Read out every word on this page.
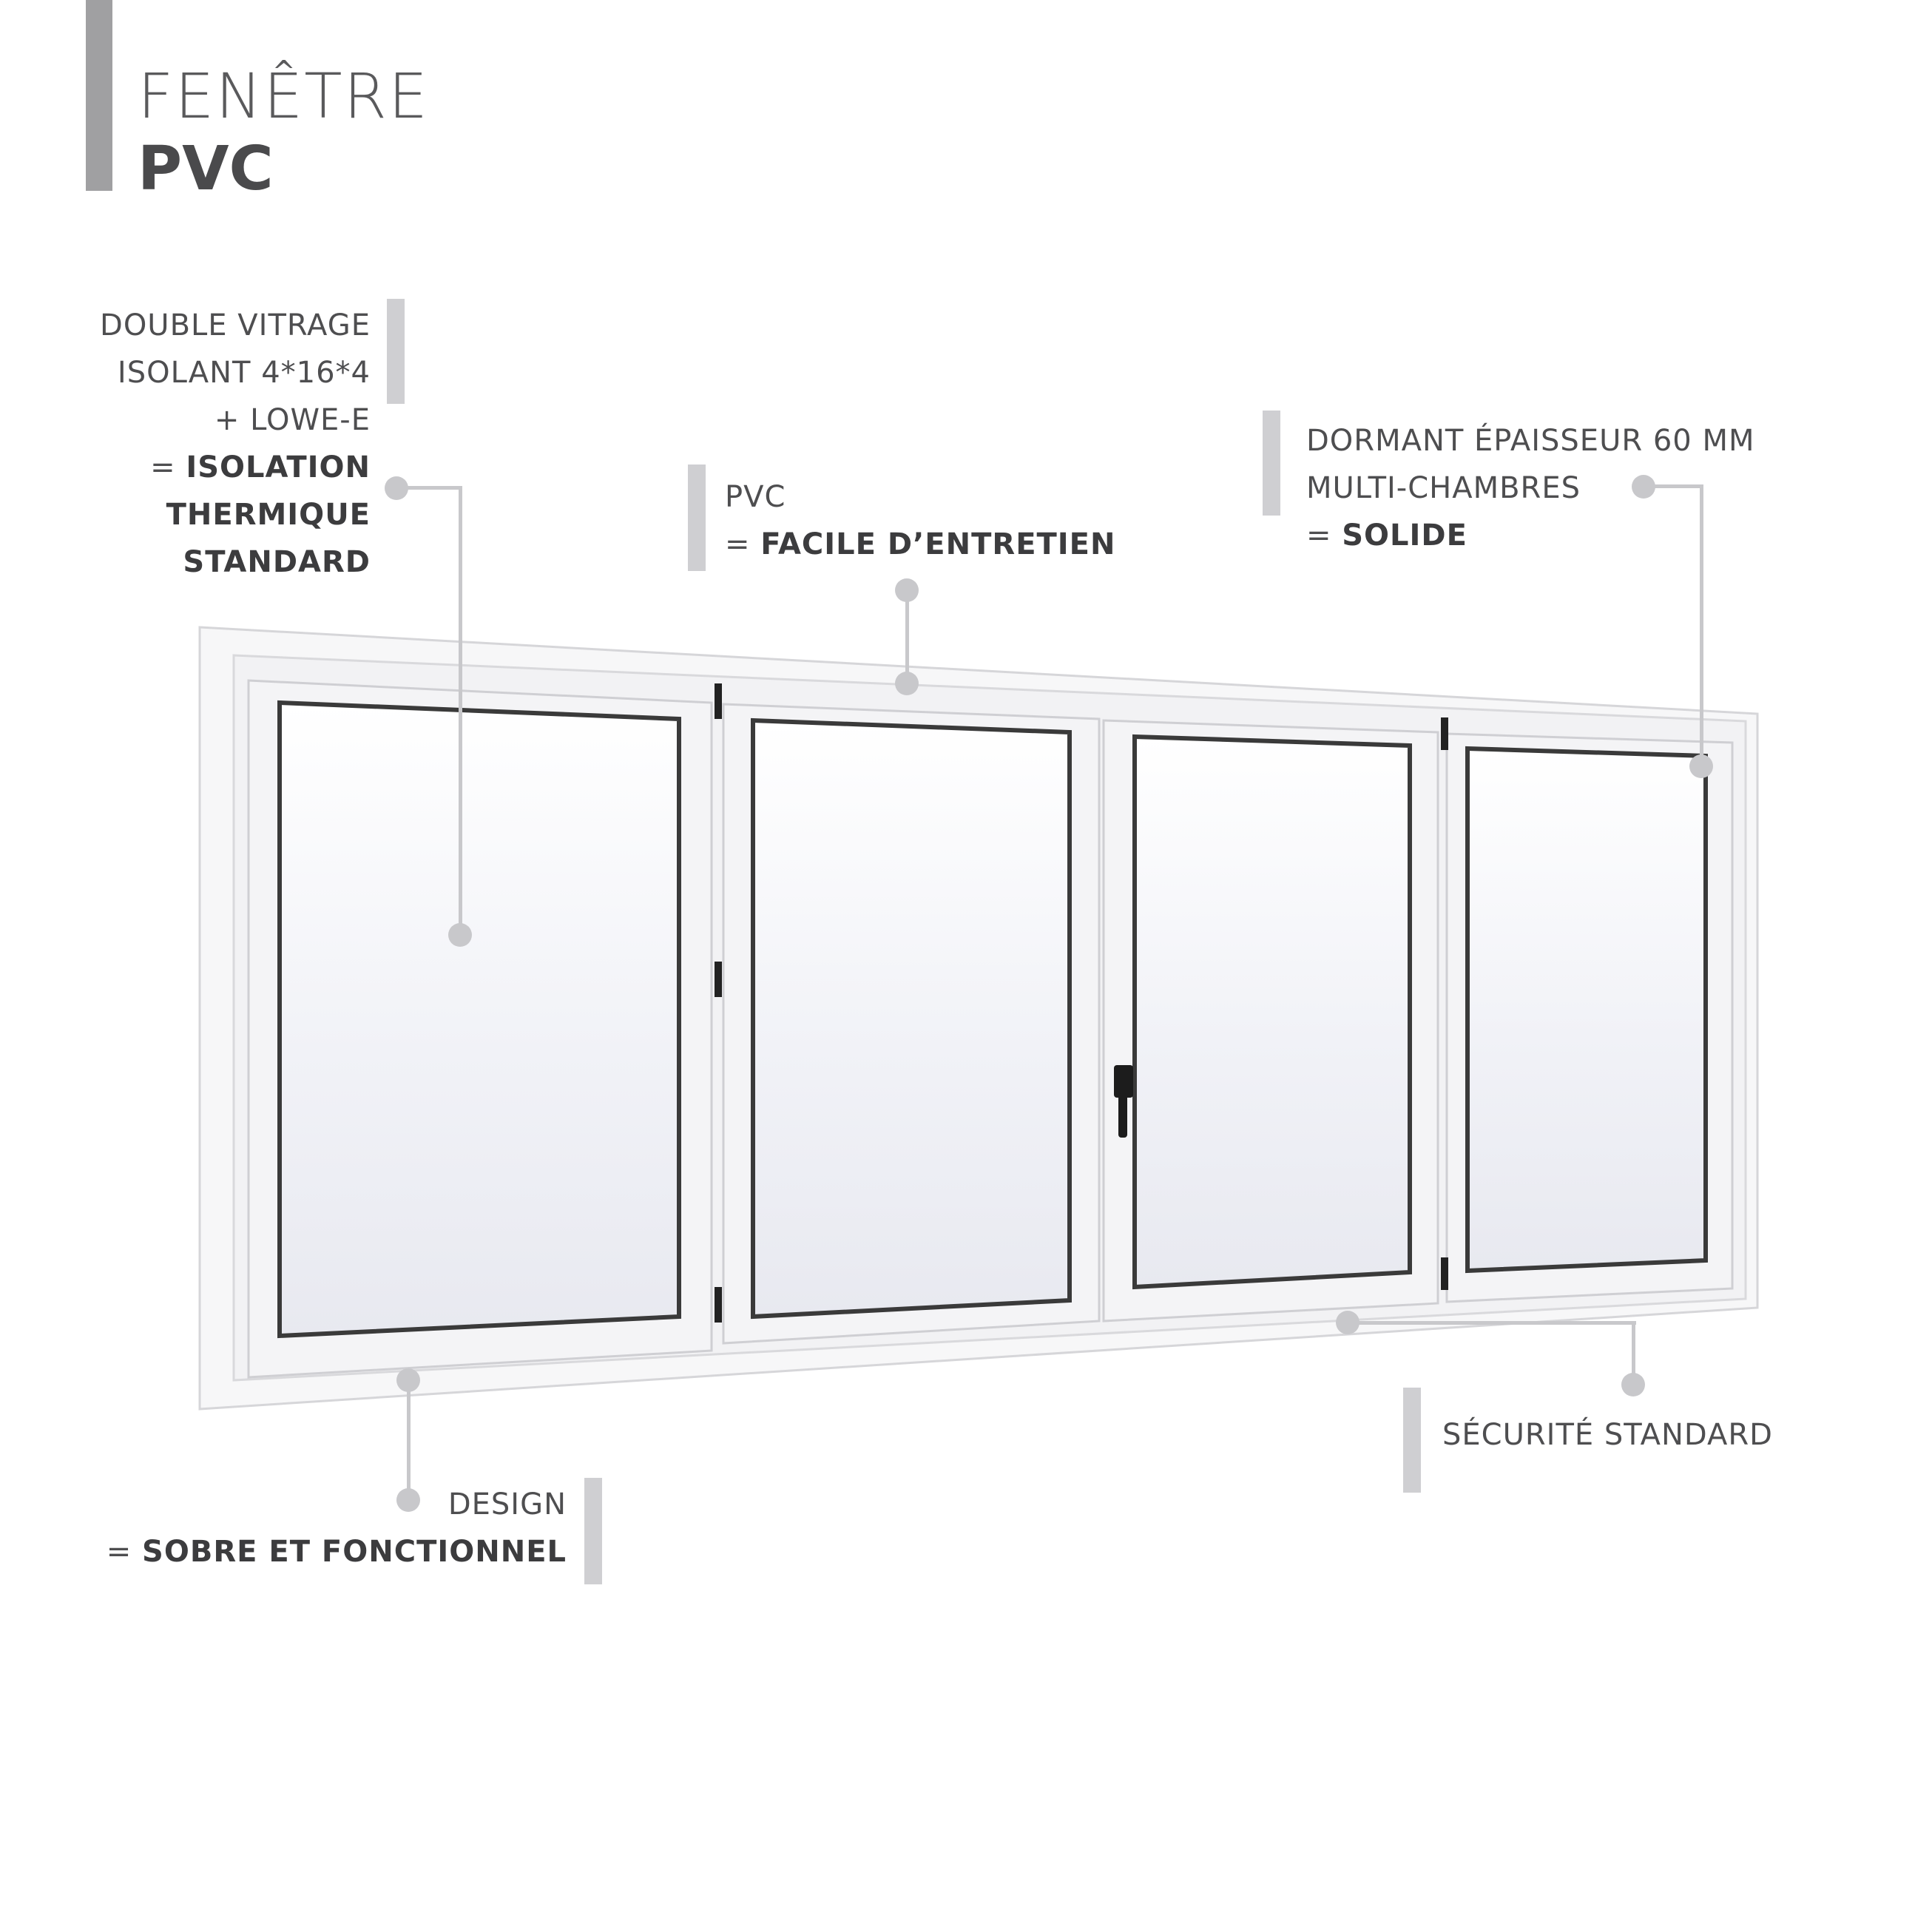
FENÊTRE
PVC
DOUBLE VITRAGE
ISOLANT 4*16*4
+ LOWE-E
= ISOLATION
THERMIQUE
STANDARD
PVC
= FACILE D’ENTRETIEN
DORMANT ÉPAISSEUR 60 MM
MULTI-CHAMBRES
= SOLIDE
SÉCURITÉ STANDARD
DESIGN
= SOBRE ET FONCTIONNEL
